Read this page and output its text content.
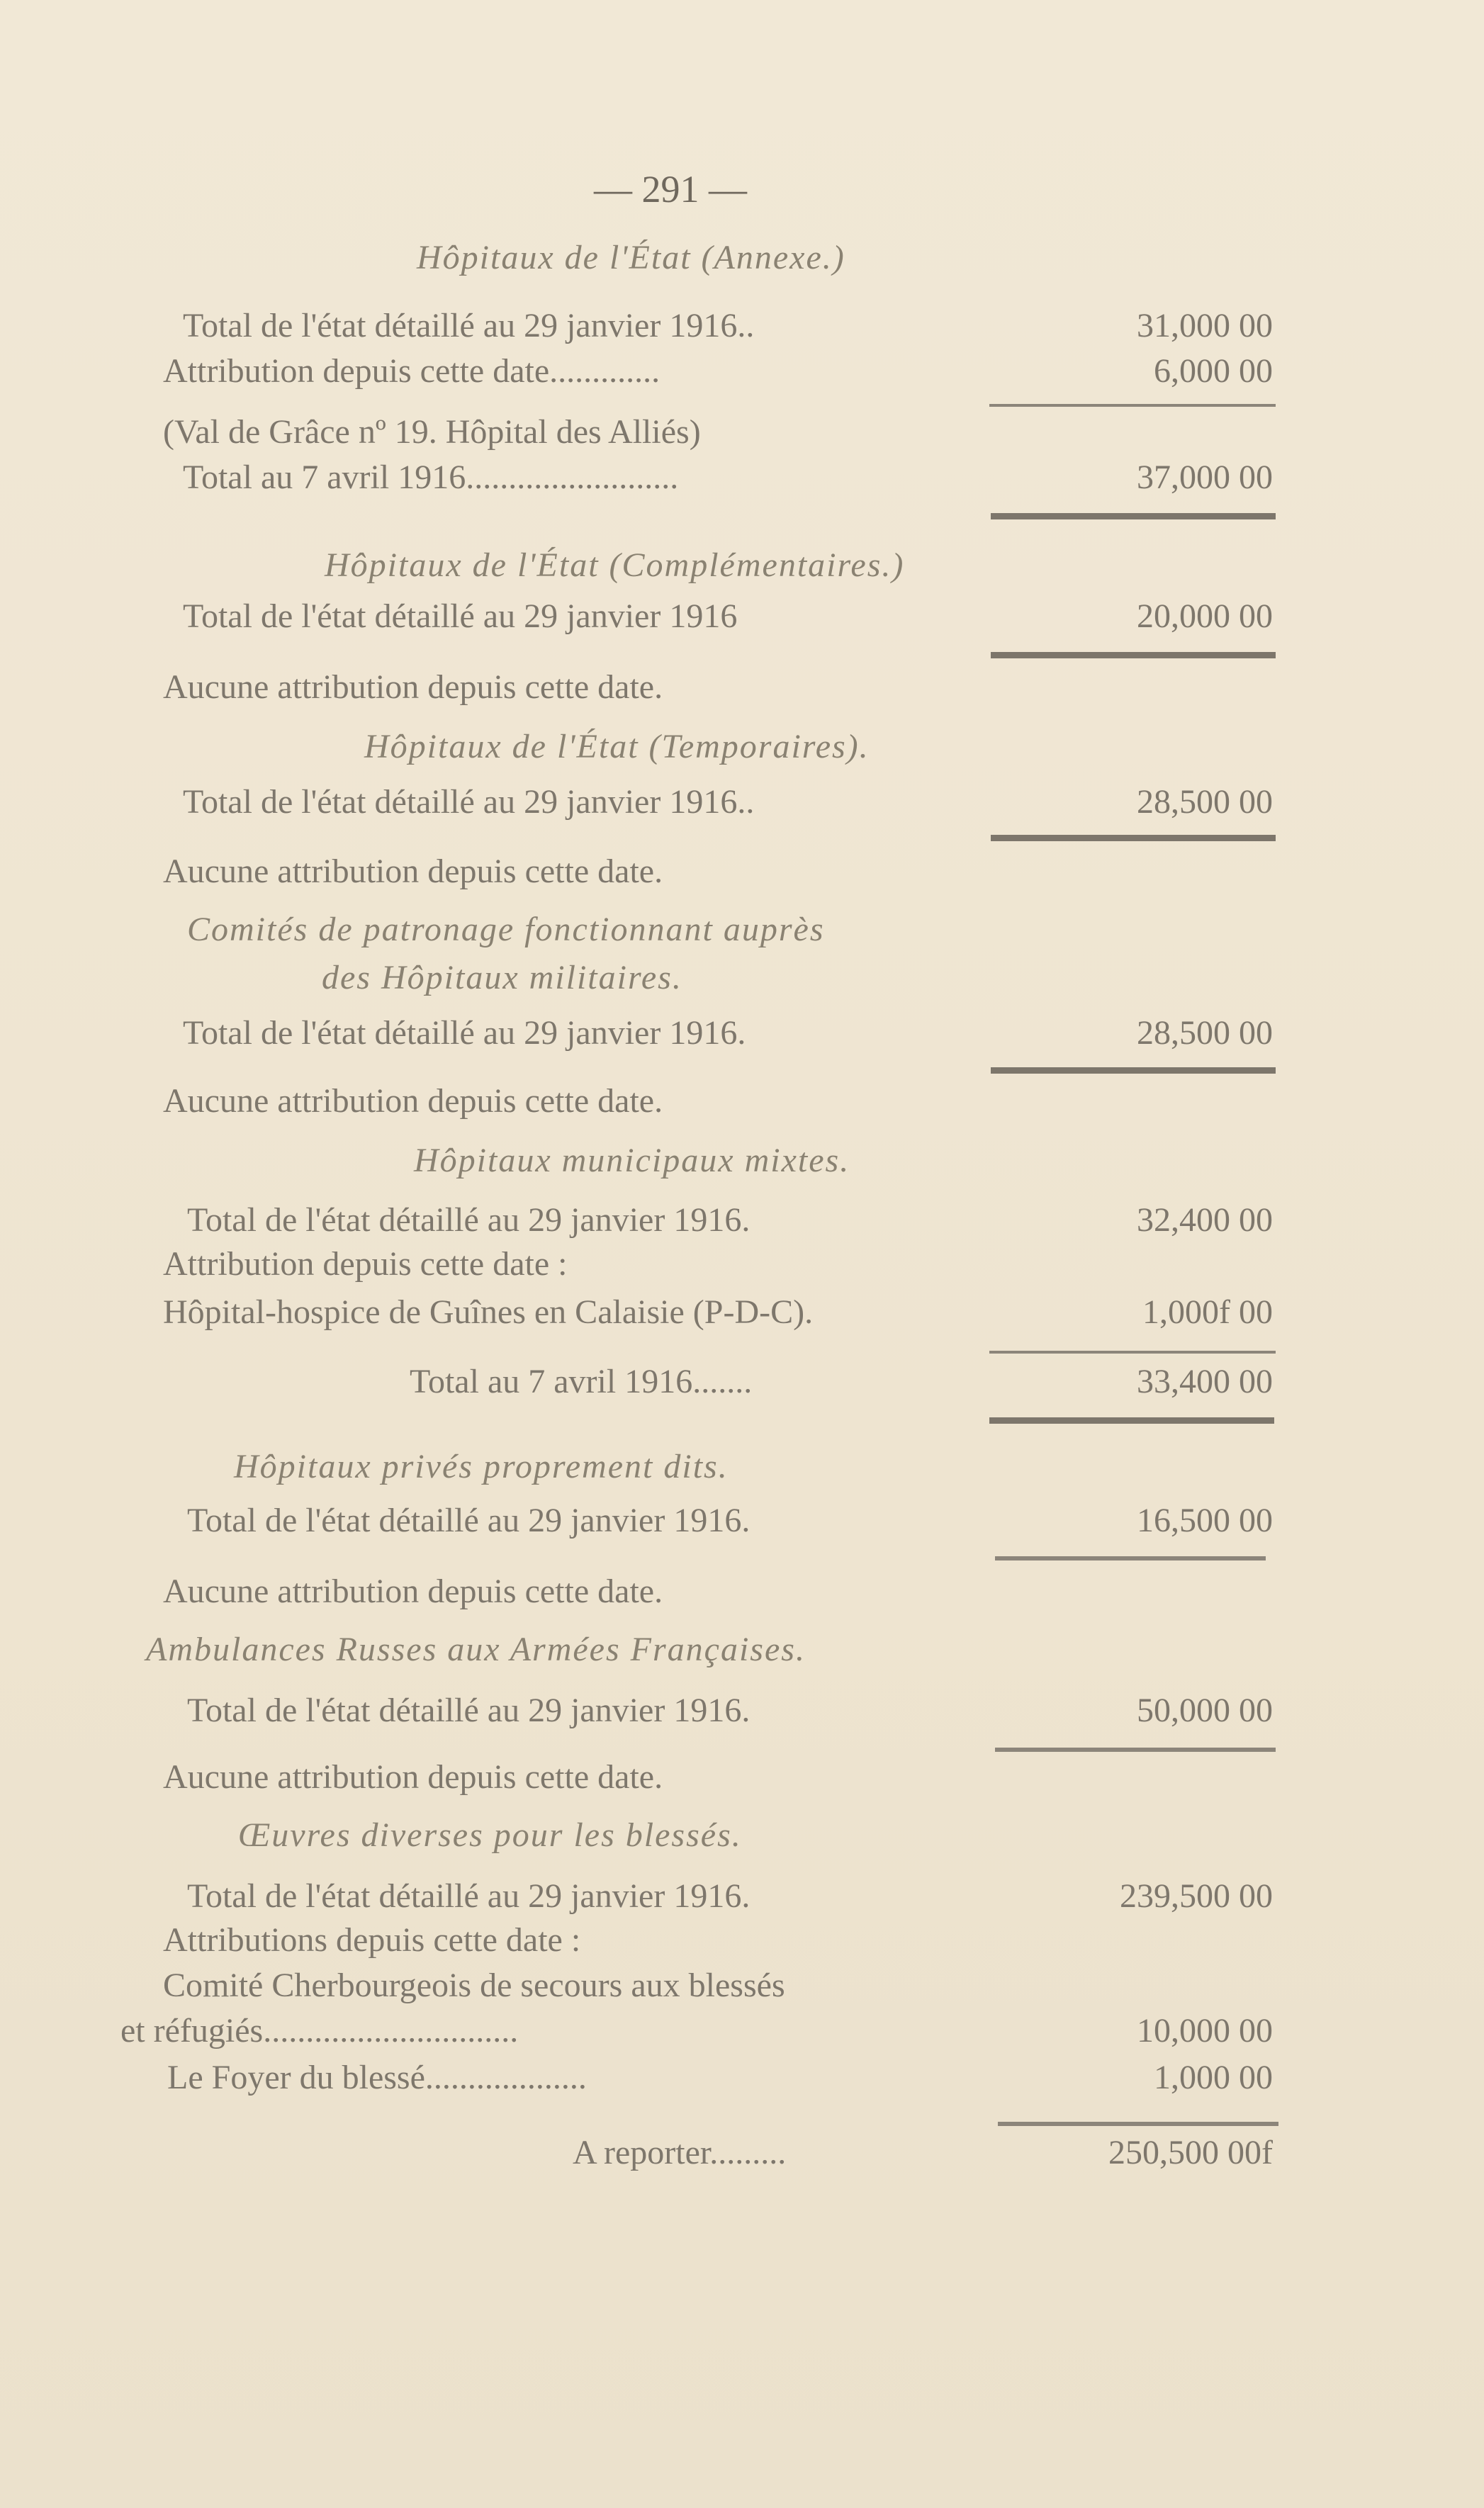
— 291 —
Hôpitaux de l'État (Annexe.)
Total de l'état détaillé au 29 janvier 1916..	31,000 00
Attribution depuis cette date.............	6,000 00
(Val de Grâce nº 19. Hôpital des Alliés)
Total au 7 avril 1916.........................	37,000 00
Hôpitaux de l'État (Complémentaires.)
Total de l'état détaillé au 29 janvier 1916	20,000 00
Aucune attribution depuis cette date.
Hôpitaux de l'État (Temporaires).
Total de l'état détaillé au 29 janvier 1916..	28,500 00
Aucune attribution depuis cette date.
Comités de patronage fonctionnant auprès
des Hôpitaux militaires.
Total de l'état détaillé au 29 janvier 1916.	28,500 00
Aucune attribution depuis cette date.
Hôpitaux municipaux mixtes.
Total de l'état détaillé au 29 janvier 1916.	32,400 00
Attribution depuis cette date :
Hôpital-hospice de Guînes en Calaisie (P-D-C).	1,000f 00
Total au 7 avril 1916.......	33,400 00
Hôpitaux privés proprement dits.
Total de l'état détaillé au 29 janvier 1916.	16,500 00
Aucune attribution depuis cette date.
Ambulances Russes aux Armées Françaises.
Total de l'état détaillé au 29 janvier 1916.	50,000 00
Aucune attribution depuis cette date.
Œuvres diverses pour les blessés.
Total de l'état détaillé au 29 janvier 1916.	239,500 00
Attributions depuis cette date :
Comité Cherbourgeois de secours aux blessés
et réfugiés..............................	10,000 00
Le Foyer du blessé...................	1,000 00
A reporter.........	250,500 00f
